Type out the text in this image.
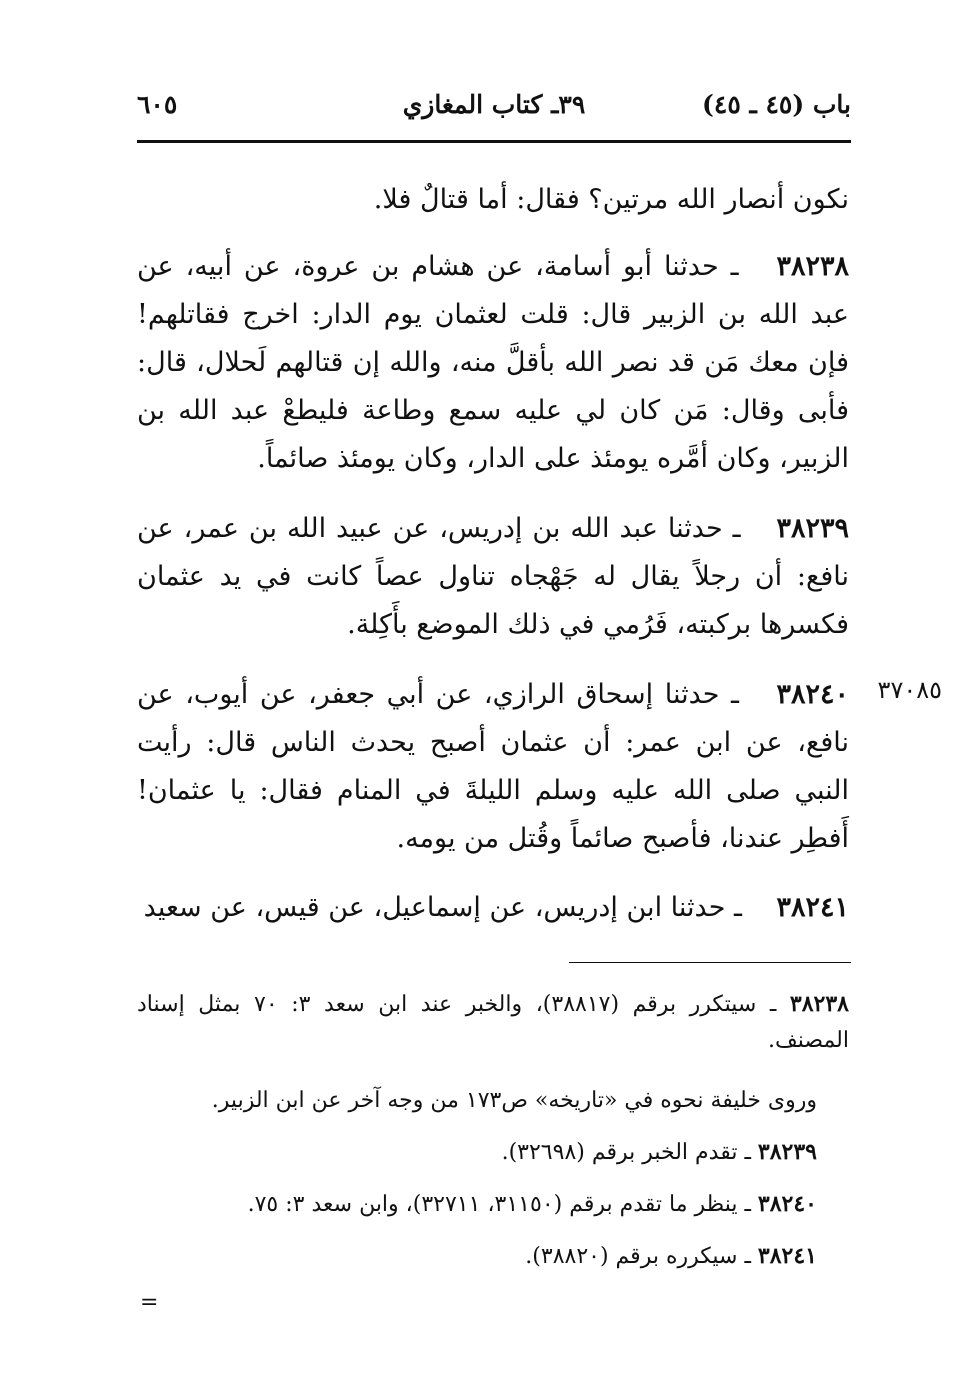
باب (٤٥ ـ ٤٥)
٣٩ـ كتاب المغازي
٦٠٥

نكون أنصار الله مرتين؟ فقال: أما قتالٌ فلا.

٣٨٢٣٨ ـ حدثنا أبو أسامة، عن هشام بن عروة، عن أبيه، عن عبد الله بن الزبير قال: قلت لعثمان يوم الدار: اخرج فقاتلهم! فإن معك مَن قد نصر الله بأقلَّ منه، والله إن قتالهم لَحلال، قال: فأبى وقال: مَن كان لي عليه سمع وطاعة فليطعْ عبد الله بن الزبير، وكان أمَّره يومئذ على الدار، وكان يومئذ صائماً.

٣٨٢٣٩ ـ حدثنا عبد الله بن إدريس، عن عبيد الله بن عمر، عن نافع: أن رجلاً يقال له جَهْجاه تناول عصاً كانت في يد عثمان فكسرها بركبته، فَرُمي في ذلك الموضع بأَكِلة.

٣٧٠٨٥

٣٨٢٤٠ ـ حدثنا إسحاق الرازي، عن أبي جعفر، عن أيوب، عن نافع، عن ابن عمر: أن عثمان أصبح يحدث الناس قال: رأيت النبي صلى الله عليه وسلم الليلةَ في المنام فقال: يا عثمان! أَفطِر عندنا، فأصبح صائماً وقُتل من يومه.

٣٨٢٤١ ـ حدثنا ابن إدريس، عن إسماعيل، عن قيس، عن سعيد

٣٨٢٣٨ ـ سيتكرر برقم (٣٨٨١٧)، والخبر عند ابن سعد ٣: ٧٠ بمثل إسناد المصنف.
وروى خليفة نحوه في «تاريخه» ص١٧٣ من وجه آخر عن ابن الزبير.
٣٨٢٣٩ ـ تقدم الخبر برقم (٣٢٦٩٨).
٣٨٢٤٠ ـ ينظر ما تقدم برقم (٣١١٥٠، ٣٢٧١١)، وابن سعد ٣: ٧٥.
٣٨٢٤١ ـ سيكرره برقم (٣٨٨٢٠).
=
